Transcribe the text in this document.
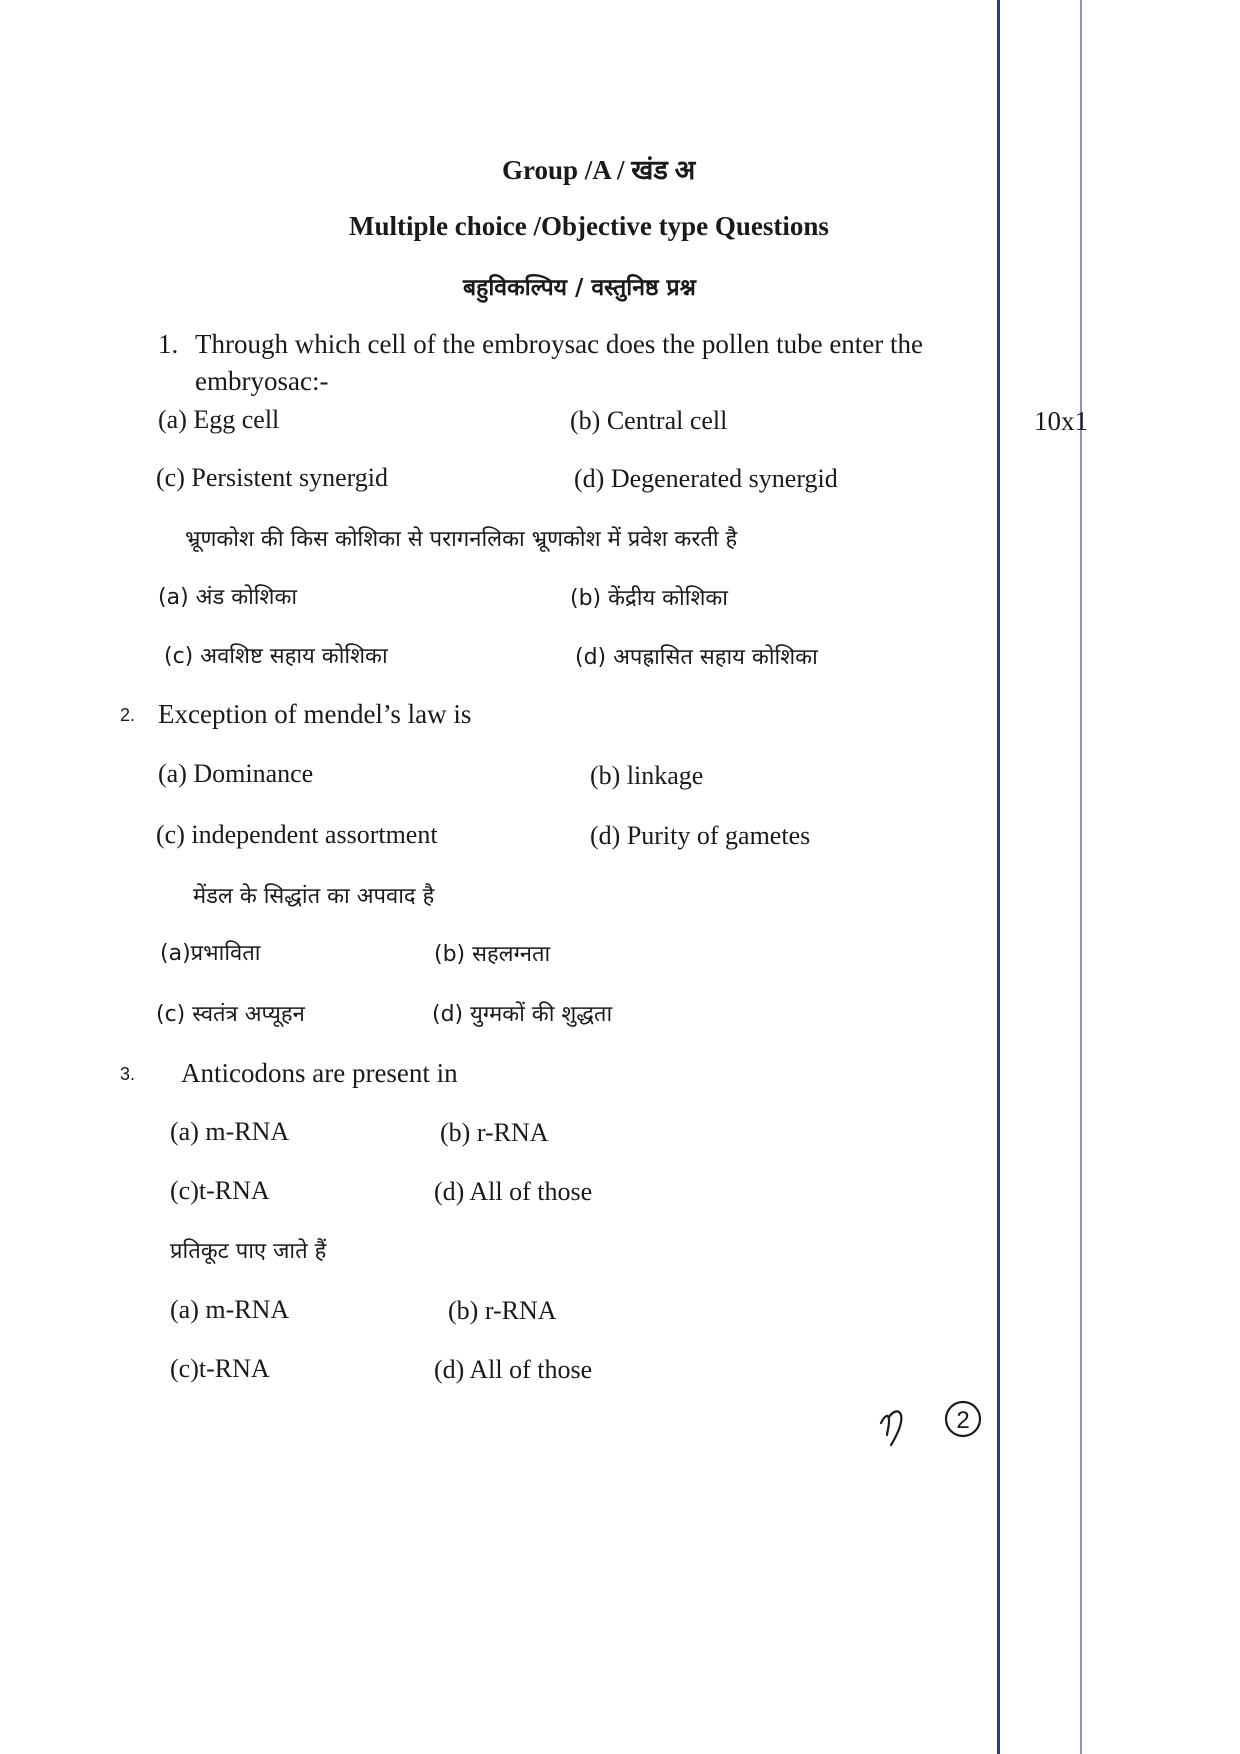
Group /A / खंड अ
Multiple choice /Objective type Questions
बहुविकल्पिय / वस्तुनिष्ठ प्रश्न
10x1
1. Through which cell of the embroysac does the pollen tube enter the
embryosac:-
(a) Egg cell	(b) Central cell
(c) Persistent synergid	(d) Degenerated synergid
भ्रूणकोश की किस कोशिका से परागनलिका भ्रूणकोश में प्रवेश करती है
(a) अंड कोशिका	(b) केंद्रीय कोशिका
(c) अवशिष्ट सहाय कोशिका	(d) अपह्रासित सहाय कोशिका
2. Exception of mendel’s law is
(a) Dominance	(b) linkage
(c) independent assortment	(d) Purity of gametes
मेंडल के सिद्धांत का अपवाद है
(a)प्रभाविता	(b) सहलग्नता
(c) स्वतंत्र अप्यूहन	(d) युग्मकों की शुद्धता
3. Anticodons are present in
(a) m-RNA	(b) r-RNA
(c)t-RNA	(d) All of those
प्रतिकूट पाए जाते हैं
(a) m-RNA	(b) r-RNA
(c)t-RNA	(d) All of those
2
